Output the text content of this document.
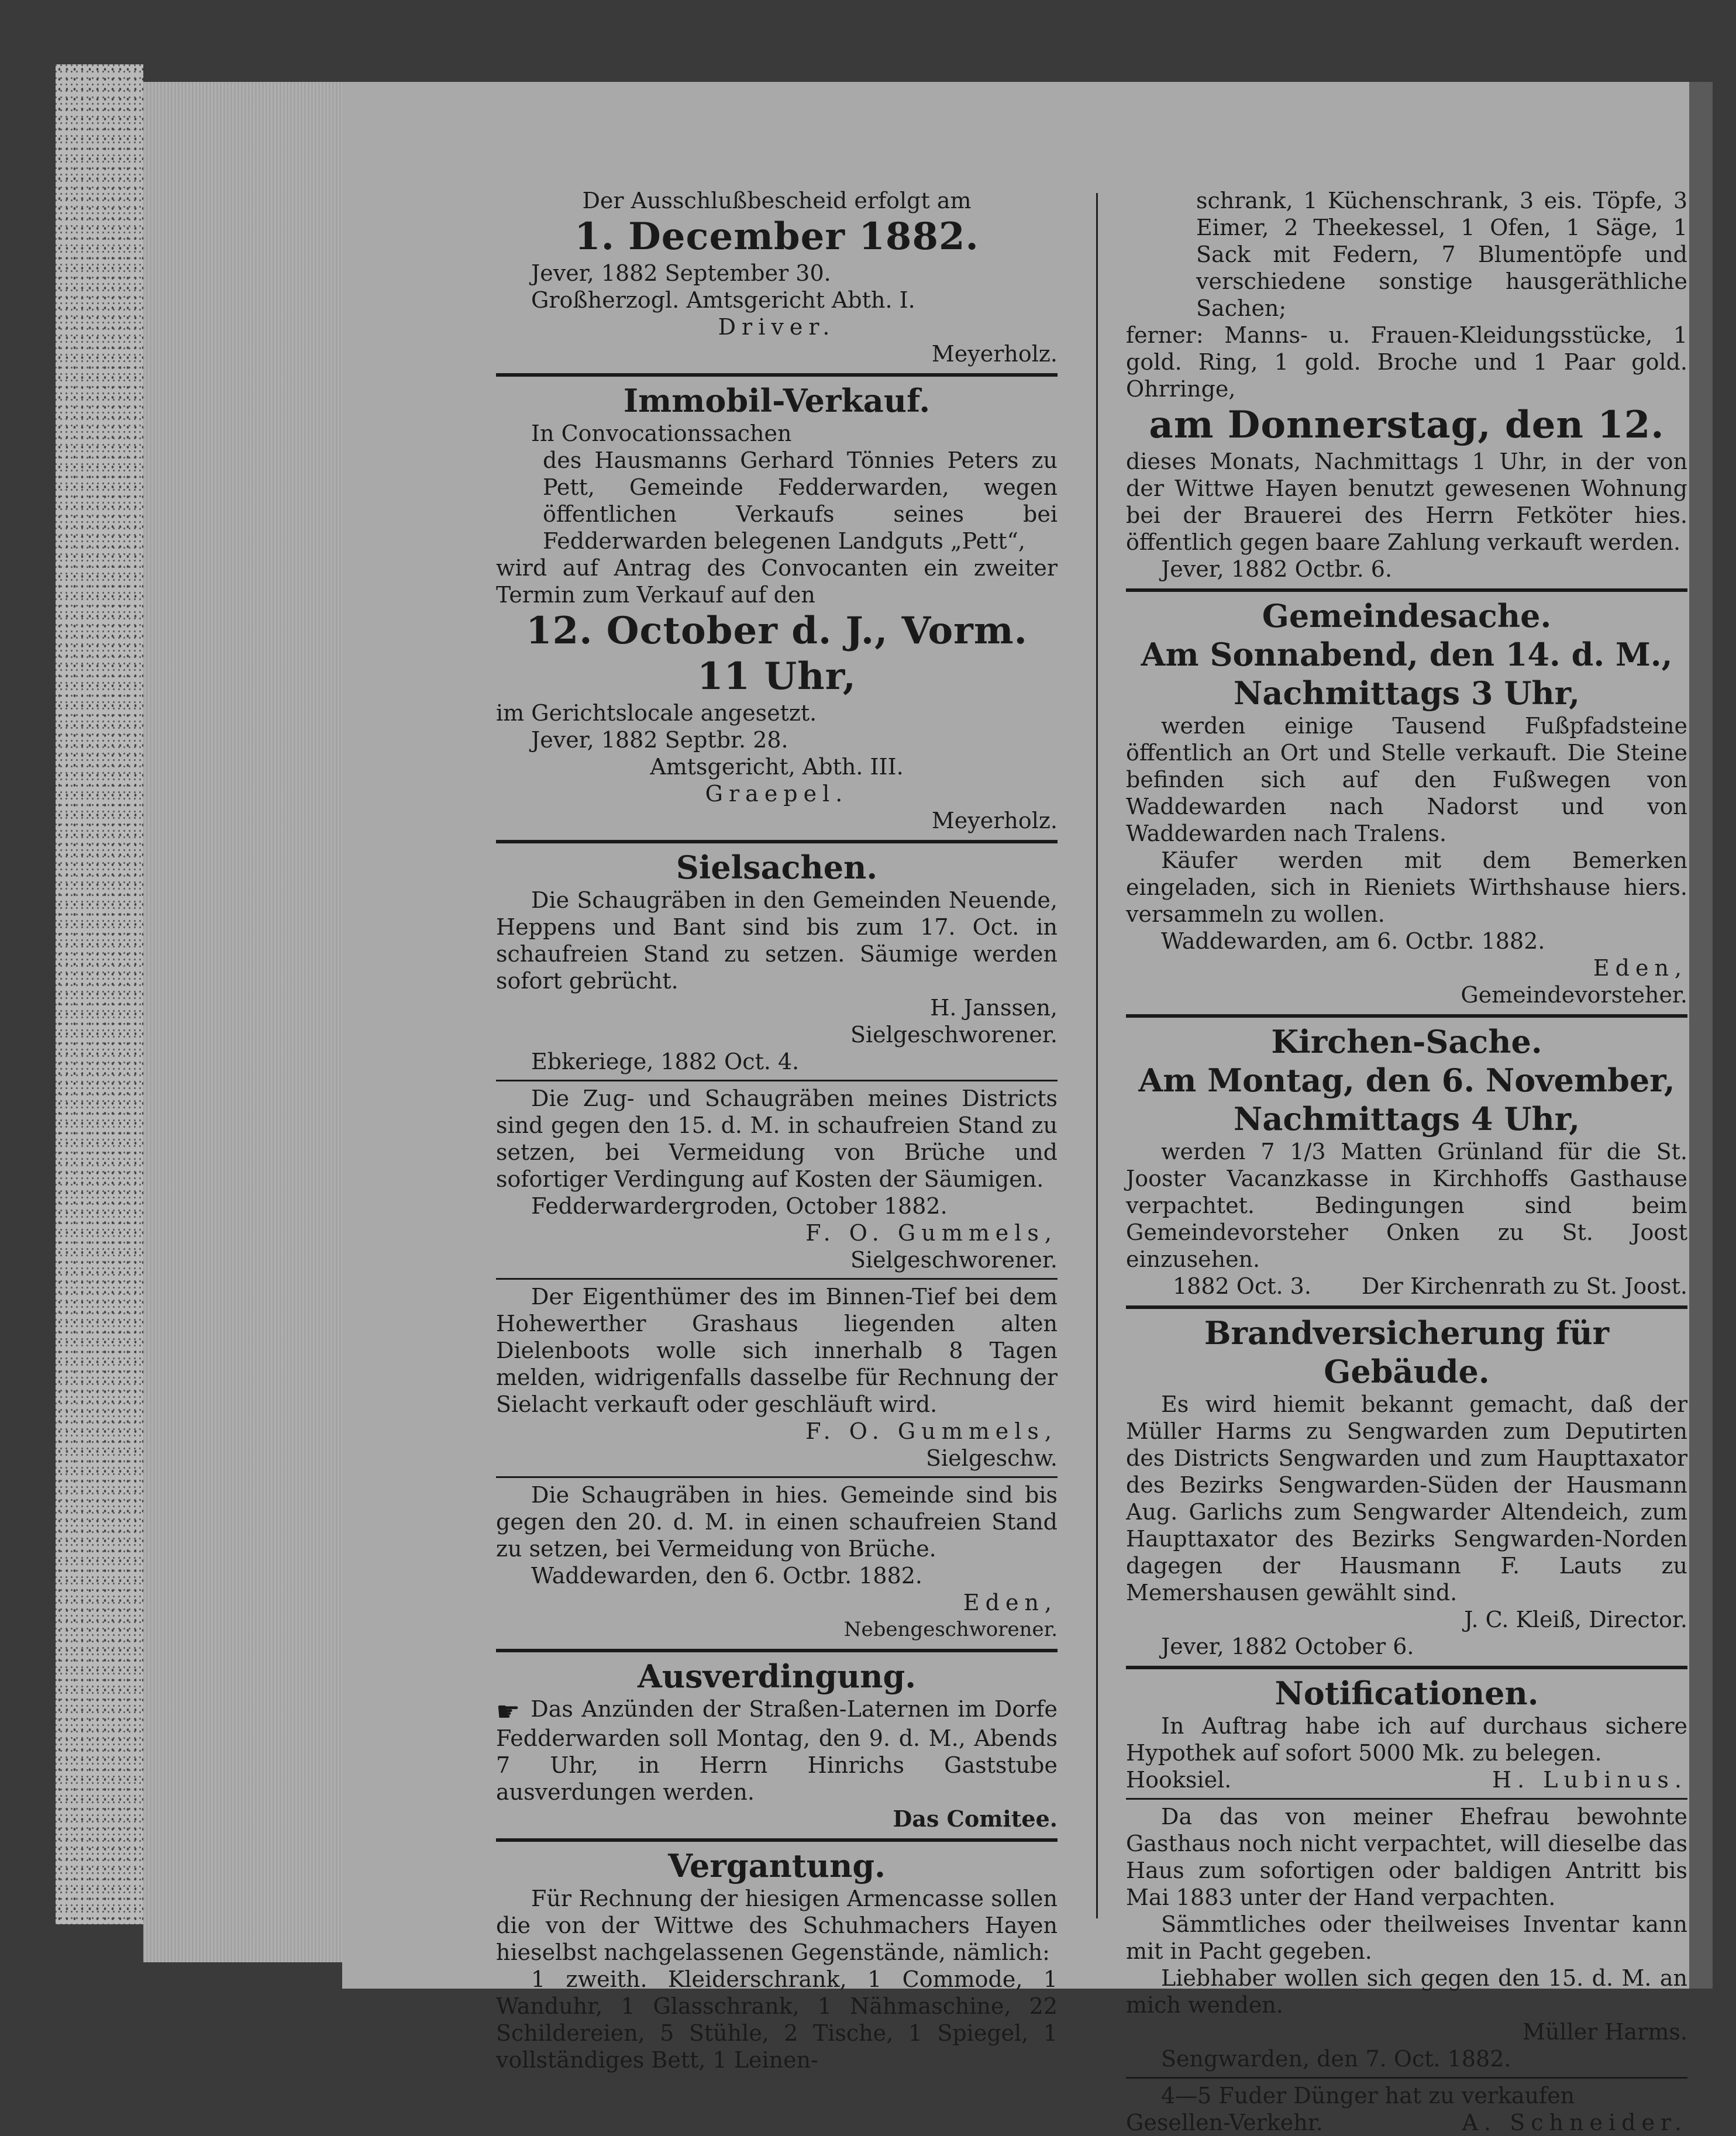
Der Ausschlußbescheid erfolgt am

1. December 1882.

Jever, 1882 September 30.

Großherzogl. Amtsgericht Abth. I.

Driver.

Meyerholz.

Immobil-Verkauf.

In Convocationssachen

des Hausmanns Gerhard Tönnies Peters zu Pett, Gemeinde Fedderwarden, wegen öffentlichen Verkaufs seines bei Fedderwarden belegenen Landguts „Pett“,

wird auf Antrag des Convocanten ein zweiter Termin zum Verkauf auf den

12. October d. J., Vorm. 11 Uhr,

im Gerichtslocale angesetzt.

Jever, 1882 Septbr. 28.

Amtsgericht, Abth. III.

Graepel.

Meyerholz.

Sielsachen.

Die Schaugräben in den Gemeinden Neuende, Heppens und Bant sind bis zum 17. Oct. in schaufreien Stand zu setzen. Säumige werden sofort gebrücht.

H. Janssen,

Sielgeschworener.

Ebkeriege, 1882 Oct. 4.

Die Zug- und Schaugräben meines Districts sind gegen den 15. d. M. in schaufreien Stand zu setzen, bei Vermeidung von Brüche und sofortiger Verdingung auf Kosten der Säumigen.

Fedderwardergroden, October 1882.

F. O. Gummels,

Sielgeschworener.

Der Eigenthümer des im Binnen-Tief bei dem Hohewerther Grashaus liegenden alten Dielenboots wolle sich innerhalb 8 Tagen melden, widrigenfalls dasselbe für Rechnung der Sielacht verkauft oder geschläuft wird.

F. O. Gummels,

Sielgeschw.

Die Schaugräben in hies. Gemeinde sind bis gegen den 20. d. M. in einen schaufreien Stand zu setzen, bei Vermeidung von Brüche.

Waddewarden, den 6. Octbr. 1882.

Eden,

Nebengeschworener.

Ausverdingung.

☛ Das Anzünden der Straßen-Laternen im Dorfe Fedderwarden soll Montag, den 9. d. M., Abends 7 Uhr, in Herrn Hinrichs Gaststube ausverdungen werden.

Das Comitee.

Vergantung.

Für Rechnung der hiesigen Armencasse sollen die von der Wittwe des Schuhmachers Hayen hieselbst nachgelassenen Gegenstände, nämlich:

1 zweith. Kleiderschrank, 1 Commode, 1 Wanduhr, 1 Glasschrank, 1 Nähmaschine, 22 Schildereien, 5 Stühle, 2 Tische, 1 Spiegel, 1 vollständiges Bett, 1 Leinen-

schrank, 1 Küchenschrank, 3 eis. Töpfe, 3 Eimer, 2 Theekessel, 1 Ofen, 1 Säge, 1 Sack mit Federn, 7 Blumentöpfe und verschiedene sonstige hausgeräthliche Sachen;

ferner: Manns- u. Frauen-Kleidungsstücke, 1 gold. Ring, 1 gold. Broche und 1 Paar gold. Ohrringe,

am Donnerstag, den 12.

dieses Monats, Nachmittags 1 Uhr, in der von der Wittwe Hayen benutzt gewesenen Wohnung bei der Brauerei des Herrn Fetköter hies. öffentlich gegen baare Zahlung verkauft werden.

Jever, 1882 Octbr. 6.

Gemeindesache.

Am Sonnabend, den 14. d. M.,

Nachmittags 3 Uhr,

werden einige Tausend Fußpfadsteine öffentlich an Ort und Stelle verkauft. Die Steine befinden sich auf den Fußwegen von Waddewarden nach Nadorst und von Waddewarden nach Tralens.

Käufer werden mit dem Bemerken eingeladen, sich in Rieniets Wirthshause hiers. versammeln zu wollen.

Waddewarden, am 6. Octbr. 1882.

Eden,

Gemeindevorsteher.

Kirchen-Sache.

Am Montag, den 6. November,

Nachmittags 4 Uhr,

werden 7 1/3 Matten Grünland für die St. Jooster Vacanzkasse in Kirchhoffs Gasthause verpachtet. Bedingungen sind beim Gemeindevorsteher Onken zu St. Joost einzusehen.

1882 Oct. 3. Der Kirchenrath zu St. Joost.

Brandversicherung für Gebäude.

Es wird hiemit bekannt gemacht, daß der Müller Harms zu Sengwarden zum Deputirten des Districts Sengwarden und zum Haupttaxator des Bezirks Sengwarden-Süden der Hausmann Aug. Garlichs zum Sengwarder Altendeich, zum Haupttaxator des Bezirks Sengwarden-Norden dagegen der Hausmann F. Lauts zu Memershausen gewählt sind.

J. C. Kleiß, Director.

Jever, 1882 October 6.

Notificationen.

In Auftrag habe ich auf durchaus sichere Hypothek auf sofort 5000 Mk. zu belegen.

Hooksiel.	H. Lubinus.

Da das von meiner Ehefrau bewohnte Gasthaus noch nicht verpachtet, will dieselbe das Haus zum sofortigen oder baldigen Antritt bis Mai 1883 unter der Hand verpachten.

Sämmtliches oder theilweises Inventar kann mit in Pacht gegeben.

Liebhaber wollen sich gegen den 15. d. M. an mich wenden.

Müller Harms.

Sengwarden, den 7. Oct. 1882.

4—5 Fuder Dünger hat zu verkaufen

Gesellen-Verkehr.	A. Schneider.
